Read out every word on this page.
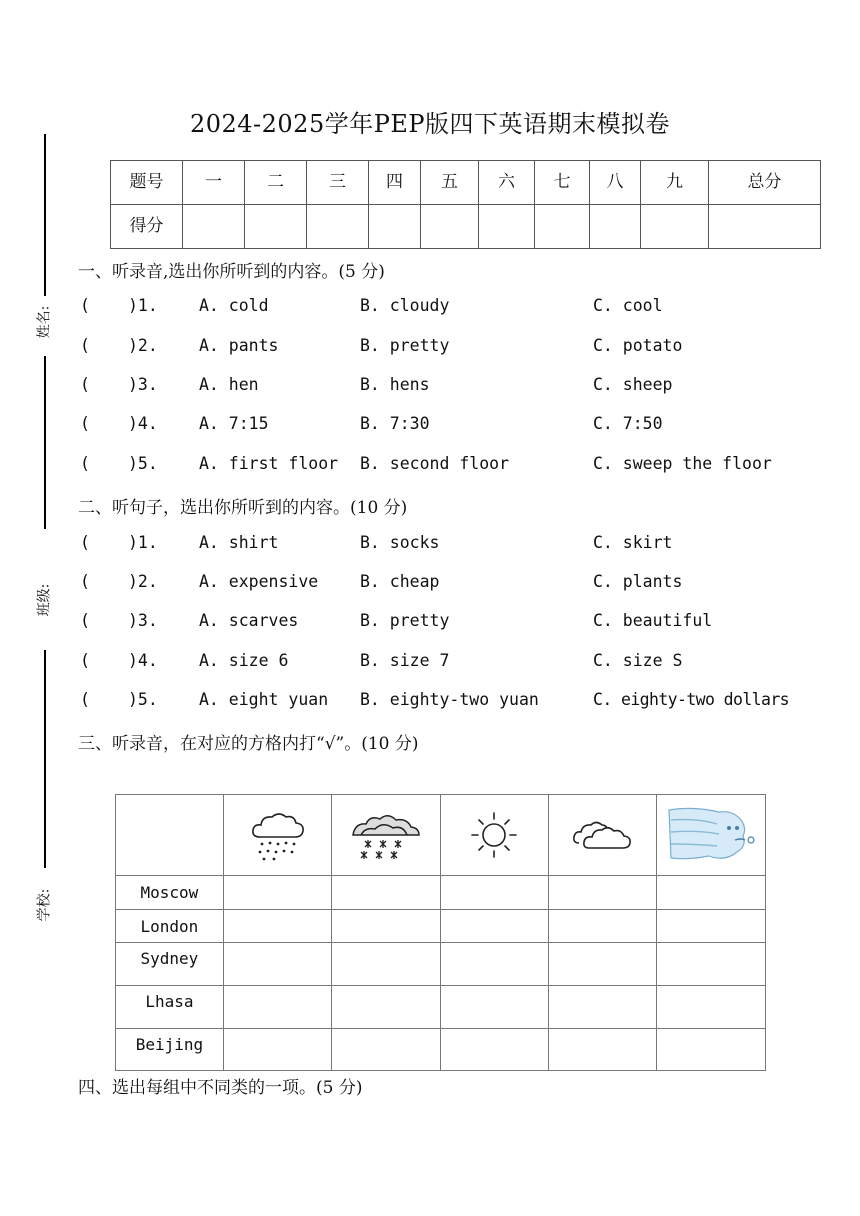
2024-2025学年PEP版四下英语期末模拟卷
姓名:
班级:
学校:
题号	一	二	三	四	五	六	七	八	九	总分
得分										
一、听录音,选出你所听到的内容。(5 分)
( )1. A. cold	B. cloudy	C. cool
( )2. A. pants	B. pretty	C. potato
( )3. A. hen	B. hens	C. sheep
( )4. A. 7:15	B. 7:30	C. 7:50
( )5. A. first floor B. second floor	C. sweep the floor
二、听句子，选出你所听到的内容。(10 分)
( )1. A. shirt	B. socks	C. skirt
( )2. A. expensive	B. cheap	C. plants
( )3. A. scarves	B. pretty	C. beautiful
( )4. A. size 6	B. size 7	C. size S
( )5. A. eight yuan B. eighty-two yuan	C. eighty-two dollars
三、听录音，在对应的方格内打“√”。(10 分)

Moscow					
London					
Sydney					
Lhasa					
Beijing					
四、选出每组中不同类的一项。(5 分)
